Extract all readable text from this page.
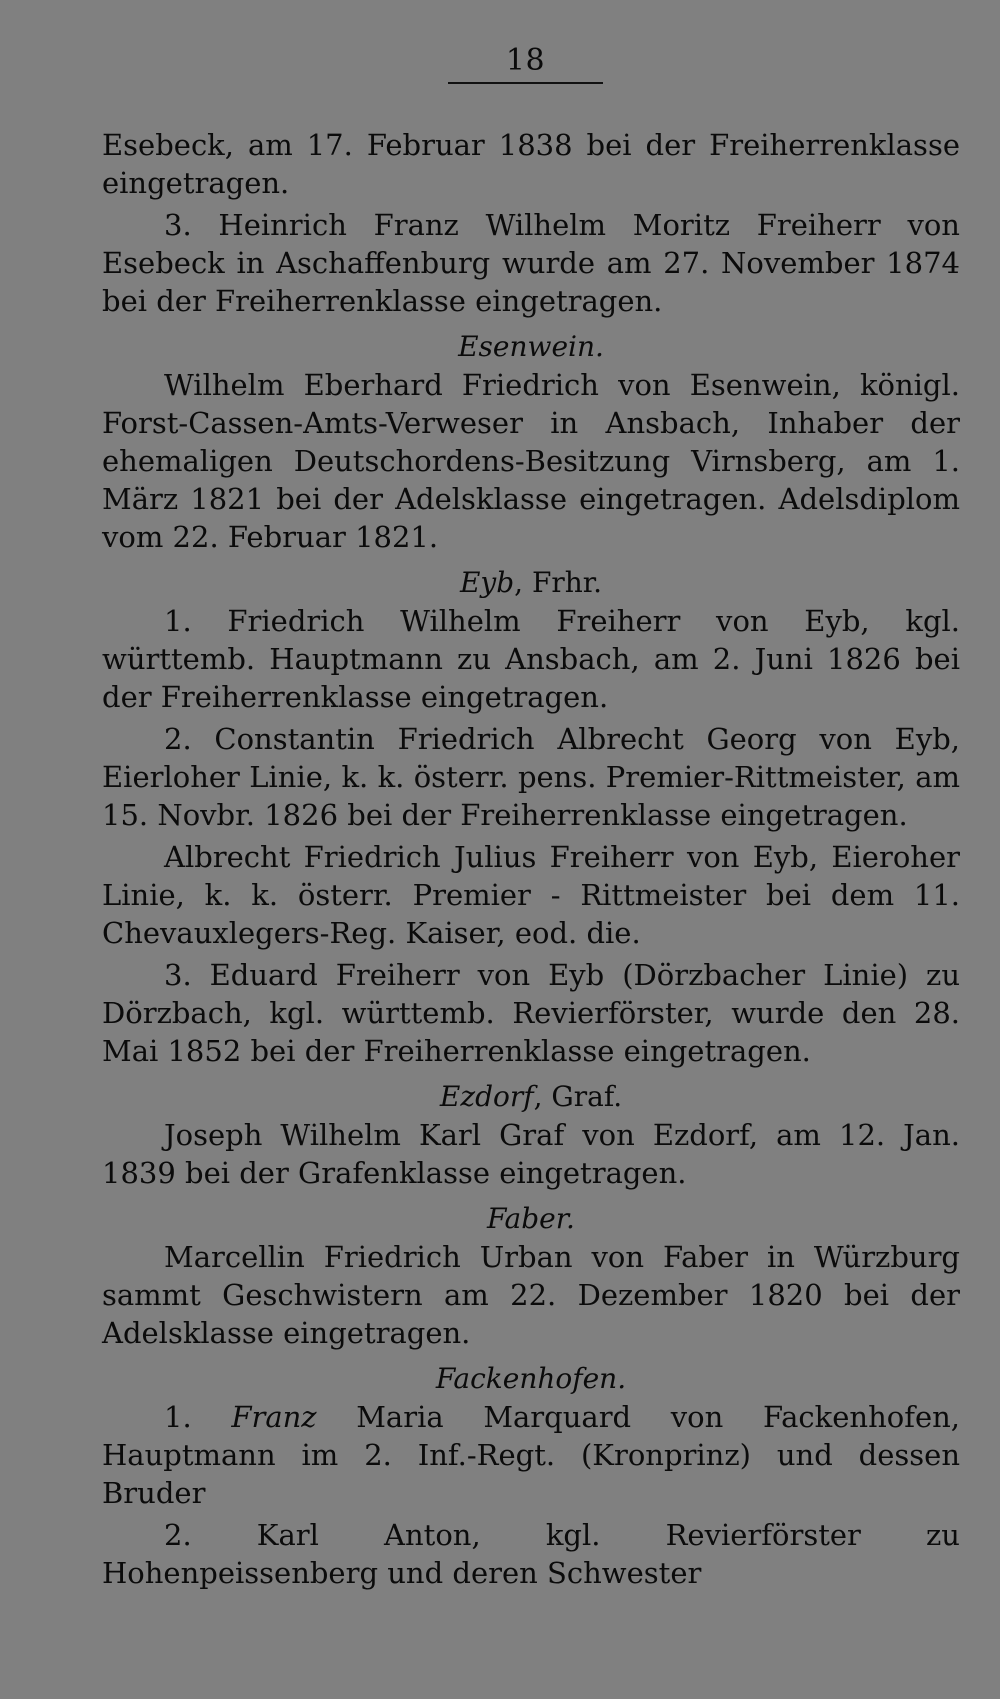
18

Esebeck, am 17. Februar 1838 bei der Freiherrenklasse eingetragen.

3. Heinrich Franz Wilhelm Moritz Freiherr von Esebeck in Aschaffenburg wurde am 27. November 1874 bei der Freiherrenklasse eingetragen.

Esenwein.

Wilhelm Eberhard Friedrich von Esenwein, königl. Forst-Cassen-Amts-Verweser in Ansbach, Inhaber der ehemaligen Deutschordens-Besitzung Virnsberg, am 1. März 1821 bei der Adelsklasse eingetragen. Adelsdiplom vom 22. Februar 1821.

Eyb, Frhr.

1. Friedrich Wilhelm Freiherr von Eyb, kgl. württemb. Hauptmann zu Ansbach, am 2. Juni 1826 bei der Freiherrenklasse eingetragen.

2. Constantin Friedrich Albrecht Georg von Eyb, Eierloher Linie, k. k. österr. pens. Premier-Rittmeister, am 15. Novbr. 1826 bei der Freiherrenklasse eingetragen.

Albrecht Friedrich Julius Freiherr von Eyb, Eieroher Linie, k. k. österr. Premier - Rittmeister bei dem 11. Chevauxlegers-Reg. Kaiser, eod. die.

3. Eduard Freiherr von Eyb (Dörzbacher Linie) zu Dörzbach, kgl. württemb. Revierförster, wurde den 28. Mai 1852 bei der Freiherrenklasse eingetragen.

Ezdorf, Graf.

Joseph Wilhelm Karl Graf von Ezdorf, am 12. Jan. 1839 bei der Grafenklasse eingetragen.

Faber.

Marcellin Friedrich Urban von Faber in Würzburg sammt Geschwistern am 22. Dezember 1820 bei der Adelsklasse eingetragen.

Fackenhofen.

1. Franz Maria Marquard von Fackenhofen, Hauptmann im 2. Inf.-Regt. (Kronprinz) und dessen Bruder

2. Karl Anton, kgl. Revierförster zu Hohenpeissenberg und deren Schwester
